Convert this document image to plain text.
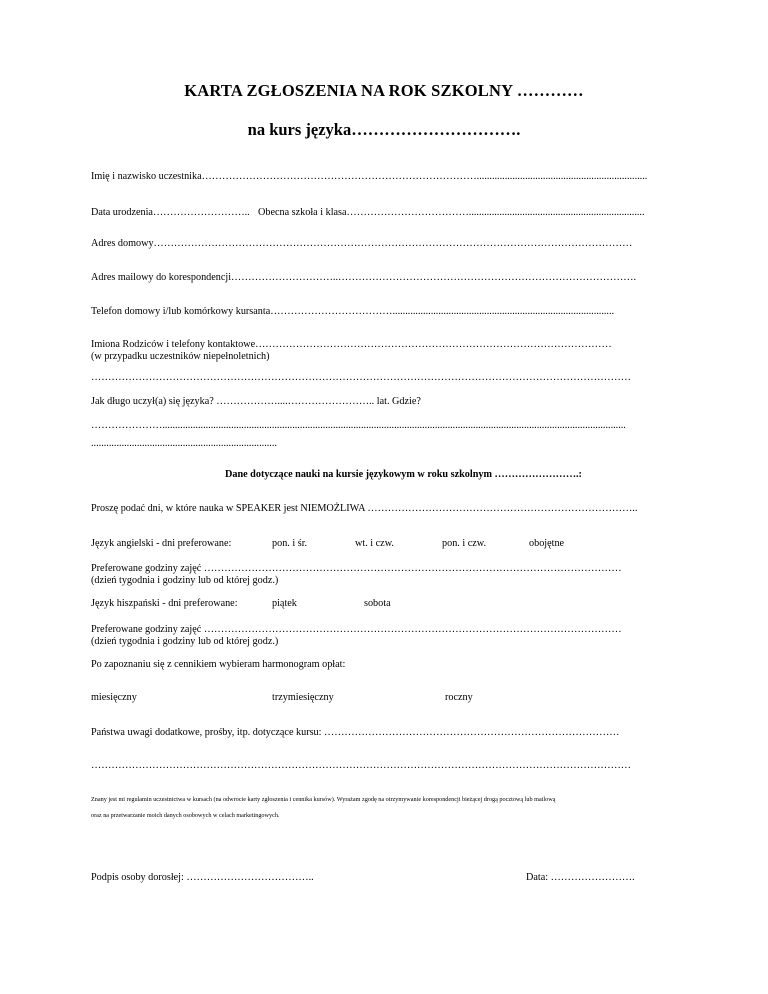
KARTA ZGŁOSZENIA NA ROK SZKOLNY …………
na kurs języka………………………….
Imię i nazwisko uczestnika………………………………………………………………………...................................................................
Data urodzenia……………………….. Obecna szkoła i klasa……………………………….....................................................................
Adres domowy……………………………………………………………………………………………………………………………
Adres mailowy do korespondencji…………………………..…………………………………………………………………………….
Telefon domowy i/lub komórkowy kursanta……………………………….......................................................................................
Imiona Rodziców i telefony kontaktowe……………………………………………………………………………………………
(w przypadku uczestników niepełnoletnich)
……………………………………………………………………………………………………………………………………………
Jak długo uczył(a) się języka? ………………....…………………….. lat. Gdzie?
…………………......................................................................................................................................................................................
.........................................................................
Dane dotyczące nauki na kursie językowym w roku szkolnym …………………….:
Proszę podać dni, w które nauka w SPEAKER jest NIEMOŻLIWA ……………………………………………………………………..
Język angielski - dni preferowane:	pon. i śr.	wt. i czw.	pon. i czw.	obojętne
Preferowane godziny zajęć ……………………………………………………………………………………………………………
(dzień tygodnia i godziny lub od której godz.)
Język hiszpański - dni preferowane:	piątek	sobota
Preferowane godziny zajęć ……………………………………………………………………………………………………………
(dzień tygodnia i godziny lub od której godz.)
Po zapoznaniu się z cennikiem wybieram harmonogram opłat:
miesięczny	trzymiesięczny	roczny
Państwa uwagi dodatkowe, prośby, itp. dotyczące kursu: ……………………………………………………………………………
……………………………………………………………………………………………………………………………………………
Znany jest mi regulamin uczestnictwa w kursach (na odwrocie karty zgłoszenia i cennika kursów). Wyrażam zgodę na otrzymywanie korespondencji bieżącej drogą pocztową lub mailową
oraz na przetwarzanie moich danych osobowych w celach marketingowych.
Podpis osoby dorosłej: ………………………………..	Data: …………………….
